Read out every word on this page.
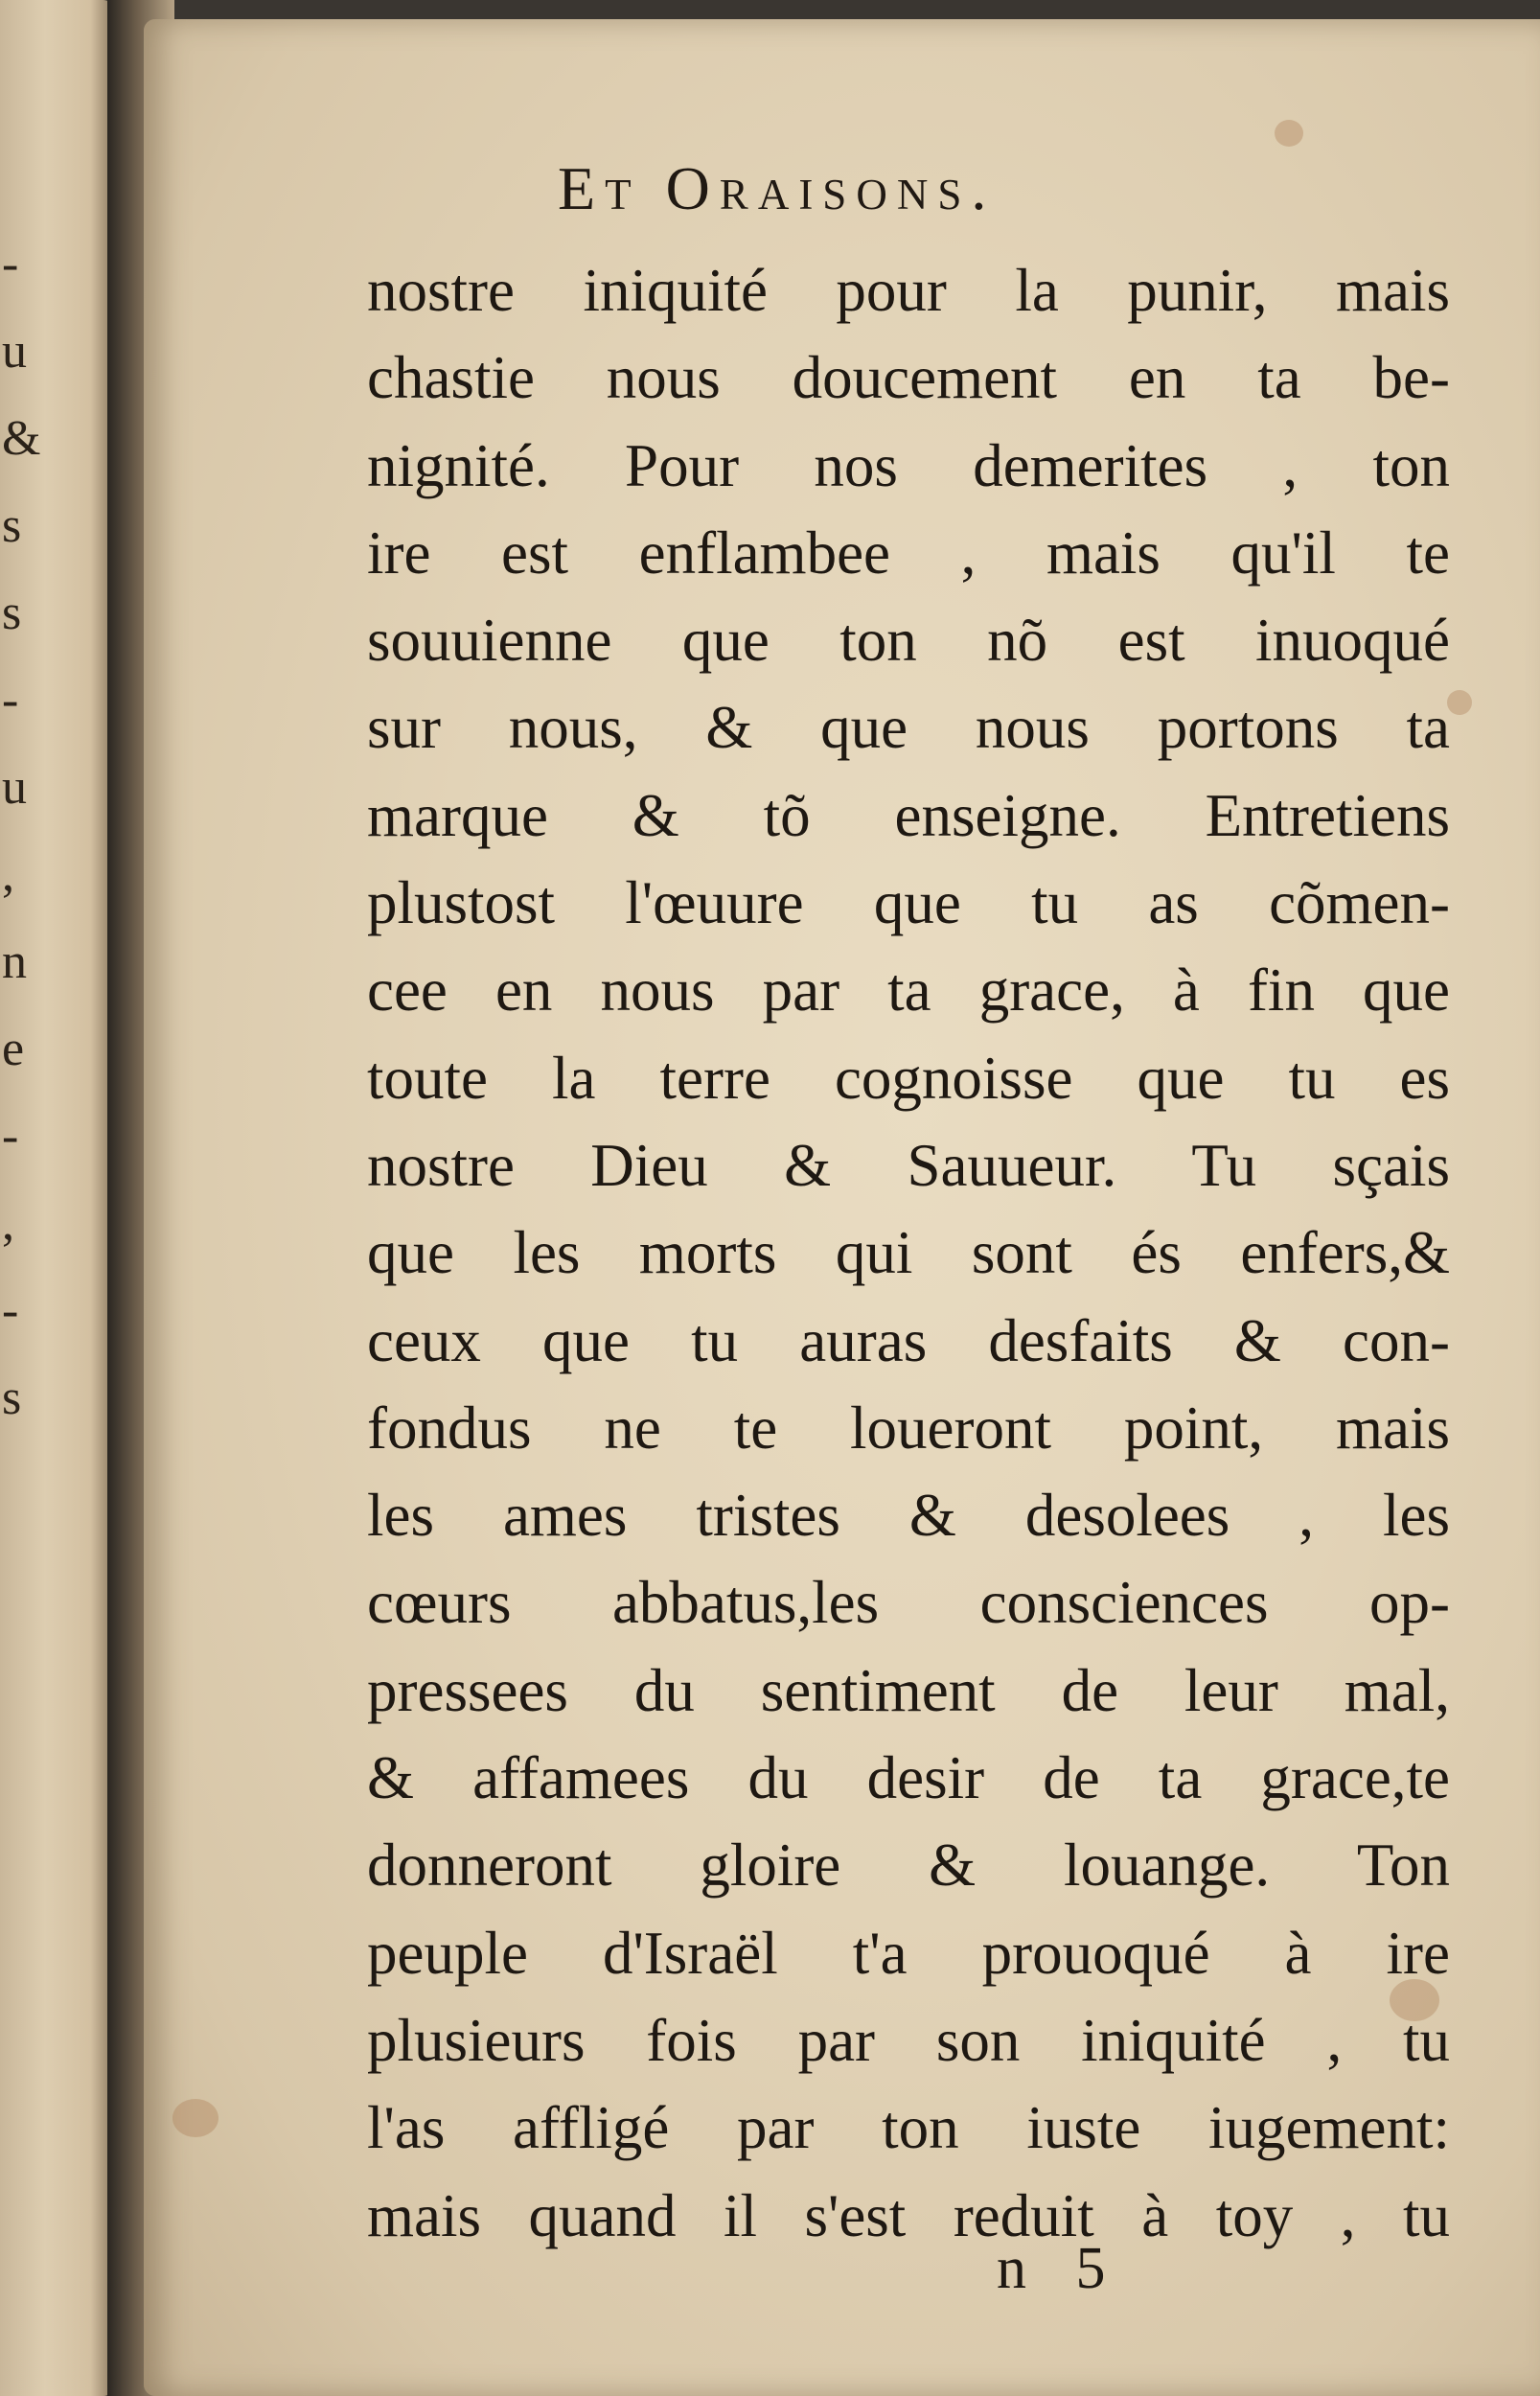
-
u
&
s
s
-
u
,
n
e
-
,
-
s
Et Oraisons.
nostre iniquité pour la punir, mais
chastie nous doucement en ta be-
nignité. Pour nos demerites , ton
ire est enflambee , mais qu'il te
souuienne que ton nõ est inuoqué
sur nous, & que nous portons ta
marque & tõ enseigne. Entretiens
plustost l'œuure que tu as cõmen-
cee en nous par ta grace, à fin que
toute la terre cognoisse que tu es
nostre Dieu & Sauueur. Tu sçais
que les morts qui sont és enfers,&
ceux que tu auras desfaits & con-
fondus ne te loueront point, mais
les ames tristes & desolees , les
cœurs abbatus,les consciences op-
pressees du sentiment de leur mal,
& affamees du desir de ta grace,te
donneront gloire & louange. Ton
peuple d'Israël t'a prouoqué à ire
plusieurs fois par son iniquité , tu
l'as affligé par ton iuste iugement:
mais quand il s'est reduit à toy , tu
n 5
